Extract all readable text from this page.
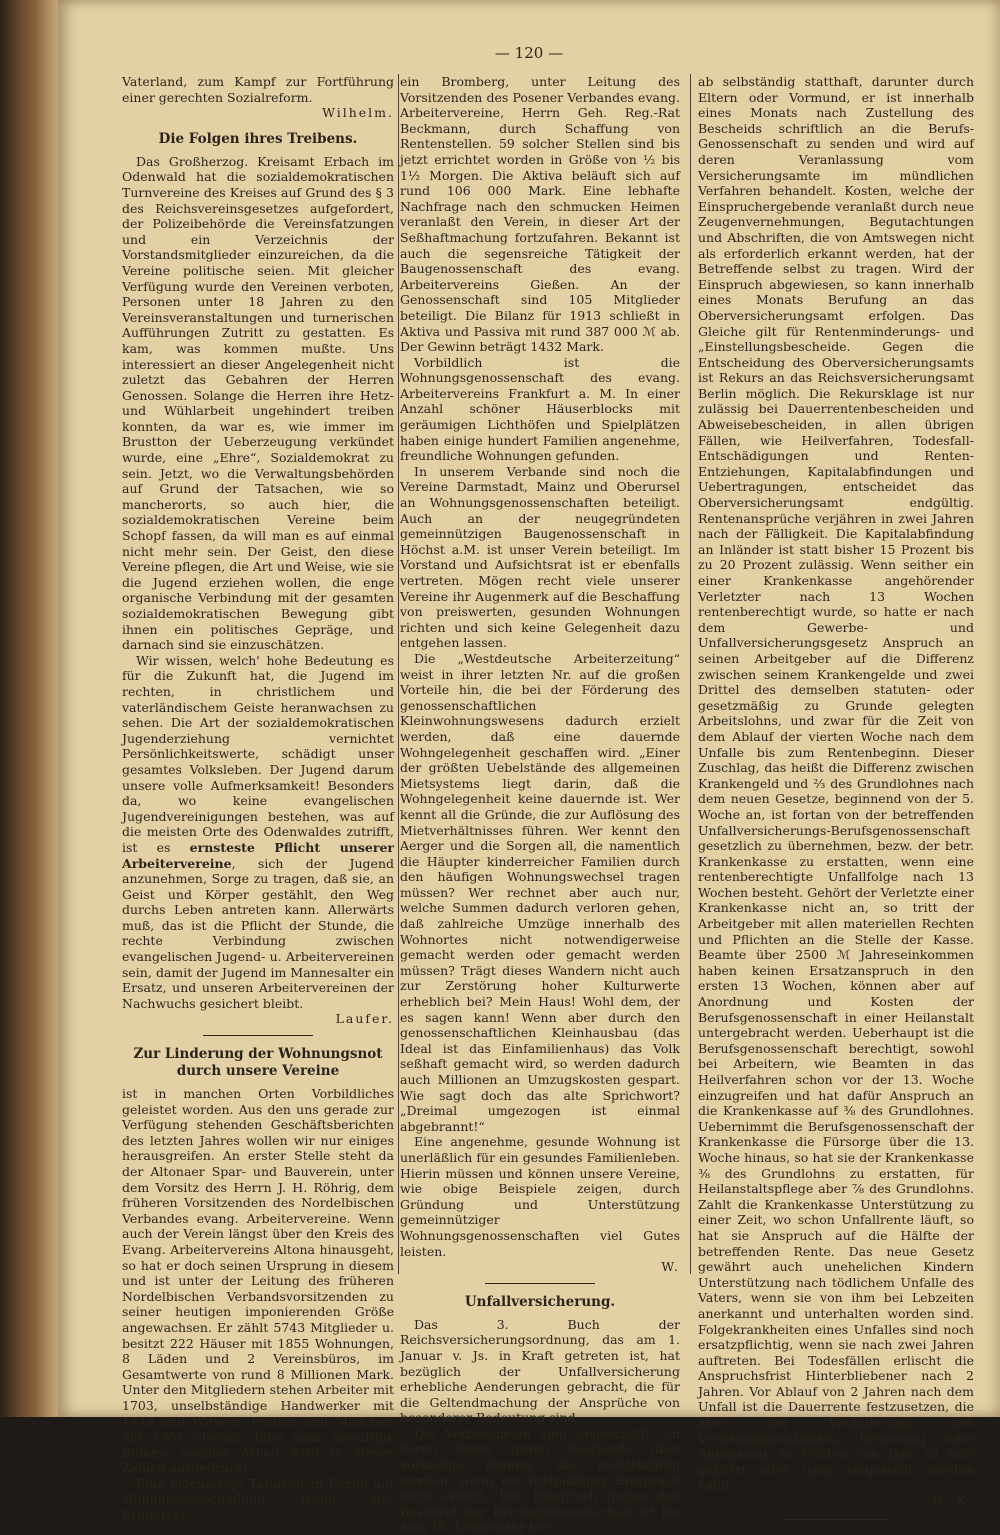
— 120 —

Vaterland, zum Kampf zur Fortführung einer gerechten Sozialreform.

Wilhelm.

Die Folgen ihres Treibens.

Das Großherzog. Kreisamt Erbach im Odenwald hat die sozialdemokratischen Turnvereine des Kreises auf Grund des § 3 des Reichsvereinsgesetzes aufgefordert, der Polizeibehörde die Vereinsfatzungen und ein Verzeichnis der Vorstandsmitglieder einzureichen, da die Vereine politische seien. Mit gleicher Verfügung wurde den Vereinen verboten, Personen unter 18 Jahren zu den Vereinsveranstaltungen und turnerischen Aufführungen Zutritt zu gestatten. Es kam, was kommen mußte. Uns interessiert an dieser Angelegenheit nicht zuletzt das Gebahren der Herren Genossen. Solange die Herren ihre Hetz- und Wühlarbeit ungehindert treiben konnten, da war es, wie immer im Brustton der Ueberzeugung verkündet wurde, eine „Ehre“, Sozialdemokrat zu sein. Jetzt, wo die Verwaltungsbehörden auf Grund der Tatsachen, wie so mancherorts, so auch hier, die sozialdemokratischen Vereine beim Schopf fassen, da will man es auf einmal nicht mehr sein. Der Geist, den diese Vereine pflegen, die Art und Weise, wie sie die Jugend erziehen wollen, die enge organische Verbindung mit der gesamten sozialdemokratischen Bewegung gibt ihnen ein politisches Gepräge, und darnach sind sie einzuschätzen.

Wir wissen, welch' hohe Bedeutung es für die Zukunft hat, die Jugend im rechten, in christlichem und vaterländischem Geiste heranwachsen zu sehen. Die Art der sozialdemokratischen Jugenderziehung vernichtet Persönlichkeitswerte, schädigt unser gesamtes Volksleben. Der Jugend darum unsere volle Aufmerksamkeit! Besonders da, wo keine evangelischen Jugendvereinigungen bestehen, was auf die meisten Orte des Odenwaldes zutrifft, ist es ernsteste Pflicht unserer Arbeitervereine, sich der Jugend anzunehmen, Sorge zu tragen, daß sie, an Geist und Körper gestählt, den Weg durchs Leben antreten kann. Allerwärts muß, das ist die Pflicht der Stunde, die rechte Verbindung zwischen evangelischen Jugend- u. Arbeitervereinen sein, damit der Jugend im Mannesalter ein Ersatz, und unseren Arbeitervereinen der Nachwuchs gesichert bleibt.

Laufer.

Zur Linderung der Wohnungsnot durch unsere Vereine

ist in manchen Orten Vorbildliches geleistet worden. Aus den uns gerade zur Verfügung stehenden Geschäftsberichten des letzten Jahres wollen wir nur einiges herausgreifen. An erster Stelle steht da der Altonaer Spar- und Bauverein, unter dem Vorsitz des Herrn J. H. Röhrig, dem früheren Vorsitzenden des Nordelbischen Verbandes evang. Arbeitervereine. Wenn auch der Verein längst über den Kreis des Evang. Arbeitervereins Altona hinausgeht, so hat er doch seinen Ursprung in diesem und ist unter der Leitung des früheren Nordelbischen Verbandsvorsitzenden zu seiner heutigen imponierenden Größe angewachsen. Er zählt 5743 Mitglieder u. besitzt 222 Häuser mit 1855 Wohnungen, 8 Läden und 2 Vereinsbüros, im Gesamtwerte von rund 8 Millionen Mark. Unter den Mitgliedern stehen Arbeiter mit 1703, unselbständige Handwerker mit 1349 und Witwen, Frauen und Mädchen mit 1951 obenan. Eine ganz gewaltige Summe sozialer Arbeit wird in diesen Zahlen ausgedrückt.

Eine eigenartige Tätigkeit in Bezug auf Wohnungsbeschaffung treibt der Bruderver-

ein Bromberg, unter Leitung des Vorsitzenden des Posener Verbandes evang. Arbeitervereine, Herrn Geh. Reg.-Rat Beckmann, durch Schaffung von Rentenstellen. 59 solcher Stellen sind bis jetzt errichtet worden in Größe von ½ bis 1½ Morgen. Die Aktiva beläuft sich auf rund 106 000 Mark. Eine lebhafte Nachfrage nach den schmucken Heimen veranlaßt den Verein, in dieser Art der Seßhaftmachung fortzufahren. Bekannt ist auch die segensreiche Tätigkeit der Baugenossenschaft des evang. Arbeitervereins Gießen. An der Genossenschaft sind 105 Mitglieder beteiligt. Die Bilanz für 1913 schließt in Aktiva und Passiva mit rund 387 000 ℳ ab. Der Gewinn beträgt 1432 Mark.

Vorbildlich ist die Wohnungsgenossenschaft des evang. Arbeitervereins Frankfurt a. M. In einer Anzahl schöner Häuserblocks mit geräumigen Lichthöfen und Spielplätzen haben einige hundert Familien angenehme, freundliche Wohnungen gefunden.

In unserem Verbande sind noch die Vereine Darmstadt, Mainz und Oberursel an Wohnungsgenossenschaften beteiligt. Auch an der neugegründeten gemeinnützigen Baugenossenschaft in Höchst a.M. ist unser Verein beteiligt. Im Vorstand und Aufsichtsrat ist er ebenfalls vertreten. Mögen recht viele unserer Vereine ihr Augenmerk auf die Beschaffung von preiswerten, gesunden Wohnungen richten und sich keine Gelegenheit dazu entgehen lassen.

Die „Westdeutsche Arbeiterzeitung“ weist in ihrer letzten Nr. auf die großen Vorteile hin, die bei der Förderung des genossenschaftlichen Kleinwohnungswesens dadurch erzielt werden, daß eine dauernde Wohngelegenheit geschaffen wird. „Einer der größten Uebelstände des allgemeinen Mietsystems liegt darin, daß die Wohngelegenheit keine dauernde ist. Wer kennt all die Gründe, die zur Auflösung des Mietverhältnisses führen. Wer kennt den Aerger und die Sorgen all, die namentlich die Häupter kinderreicher Familien durch den häufigen Wohnungswechsel tragen müssen? Wer rechnet aber auch nur, welche Summen dadurch verloren gehen, daß zahlreiche Umzüge innerhalb des Wohnortes nicht notwendigerweise gemacht werden oder gemacht werden müssen? Trägt dieses Wandern nicht auch zur Zerstörung hoher Kulturwerte erheblich bei? Mein Haus! Wohl dem, der es sagen kann! Wenn aber durch den genossenschaftlichen Kleinhausbau (das Ideal ist das Einfamilienhaus) das Volk seßhaft gemacht wird, so werden dadurch auch Millionen an Umzugskosten gespart. Wie sagt doch das alte Sprichwort? „Dreimal umgezogen ist einmal abgebrannt!“

Eine angenehme, gesunde Wohnung ist unerläßlich für ein gesundes Familienleben. Hierin müssen und können unsere Vereine, wie obige Beispiele zeigen, durch Gründung und Unterstützung gemeinnütziger Wohnungsgenossenschaften viel Gutes leisten.

W.

Unfallversicherung.

Das 3. Buch der Reichsversicherungsordnung, das am 1. Januar v. Js. in Kraft getreten ist, hat bezüglich der Unfallversicherung erhebliche Aenderungen gebracht, die für die Geltendmachung der Ansprüche von besonderer Bedeutung sind.

Die Vorbescheide sind abgeschafft, an deren Stelle treten Bescheide über vorläufige Renten, die rechtskräftig werden, wenn ein fristmäßiger Einspruch nicht erfolgt. Der Einspruch gegen den Bescheid der Berufsgenossenschaft ist bis zum 16. Lebensjahr her-

ab selbständig statthaft, darunter durch Eltern oder Vormund, er ist innerhalb eines Monats nach Zustellung des Bescheids schriftlich an die Berufs-Genossenschaft zu senden und wird auf deren Veranlassung vom Versicherungsamte im mündlichen Verfahren behandelt. Kosten, welche der Einspruchergebende veranlaßt durch neue Zeugenvernehmungen, Begutachtungen und Abschriften, die von Amtswegen nicht als erforderlich erkannt werden, hat der Betreffende selbst zu tragen. Wird der Einspruch abgewiesen, so kann innerhalb eines Monats Berufung an das Oberversicherungsamt erfolgen. Das Gleiche gilt für Rentenminderungs- und „Einstellungsbescheide. Gegen die Entscheidung des Oberversicherungsamts ist Rekurs an das Reichsversicherungsamt Berlin möglich. Die Rekursklage ist nur zulässig bei Dauerrentenbescheiden und Abweisebescheiden, in allen übrigen Fällen, wie Heilverfahren, Todesfall-Entschädigungen und Renten-Entziehungen, Kapitalabfindungen und Uebertragungen, entscheidet das Oberversicherungsamt endgültig. Rentenansprüche verjähren in zwei Jahren nach der Fälligkeit. Die Kapitalabfindung an Inländer ist statt bisher 15 Prozent bis zu 20 Prozent zulässig. Wenn seither ein einer Krankenkasse angehörender Verletzter nach 13 Wochen rentenberechtigt wurde, so hatte er nach dem Gewerbe- und Unfallversicherungsgesetz Anspruch an seinen Arbeitgeber auf die Differenz zwischen seinem Krankengelde und zwei Drittel des demselben statuten- oder gesetzmäßig zu Grunde gelegten Arbeitslohns, und zwar für die Zeit von dem Ablauf der vierten Woche nach dem Unfalle bis zum Rentenbeginn. Dieser Zuschlag, das heißt die Differenz zwischen Krankengeld und ⅔ des Grundlohnes nach dem neuen Gesetze, beginnend von der 5. Woche an, ist fortan von der betreffenden Unfallversicherungs-Berufsgenossenschaft gesetzlich zu übernehmen, bezw. der betr. Krankenkasse zu erstatten, wenn eine rentenberechtigte Unfallfolge nach 13 Wochen besteht. Gehört der Verletzte einer Krankenkasse nicht an, so tritt der Arbeitgeber mit allen materiellen Rechten und Pflichten an die Stelle der Kasse. Beamte über 2500 ℳ Jahreseinkommen haben keinen Ersatzanspruch in den ersten 13 Wochen, können aber auf Anordnung und Kosten der Berufsgenossenschaft in einer Heilanstalt untergebracht werden. Ueberhaupt ist die Berufsgenossenschaft berechtigt, sowohl bei Arbeitern, wie Beamten in das Heilverfahren schon vor der 13. Woche einzugreifen und hat dafür Anspruch an die Krankenkasse auf ⅜ des Grundlohnes. Uebernimmt die Berufsgenossenschaft der Krankenkasse die Fürsorge über die 13. Woche hinaus, so hat sie der Krankenkasse ⅜ des Grundlohns zu erstatten, für Heilanstaltspflege aber ⅞ des Grundlohns. Zahlt die Krankenkasse Unterstützung zu einer Zeit, wo schon Unfallrente läuft, so hat sie Anspruch auf die Hälfte der betreffenden Rente. Das neue Gesetz gewährt auch unehelichen Kindern Unterstützung nach tödlichem Unfalle des Vaters, wenn sie von ihm bei Lebzeiten anerkannt und unterhalten worden sind. Folgekrankheiten eines Unfalles sind noch ersatzpflichtig, wenn sie nach zwei Jahren auftreten. Bei Todesfällen erlischt die Anspruchsfrist Hinterbliebener nach 2 Jahren. Vor Ablauf von 2 Jahren nach dem Unfall ist die Dauerrente festzusetzen, die aber bei Veränderung des Verletzungszustandes, Besserung oder Anpassung, in Fristen von Jahr zu Jahr gekürzt oder ganz eingestellt werden kann.

H. K.
